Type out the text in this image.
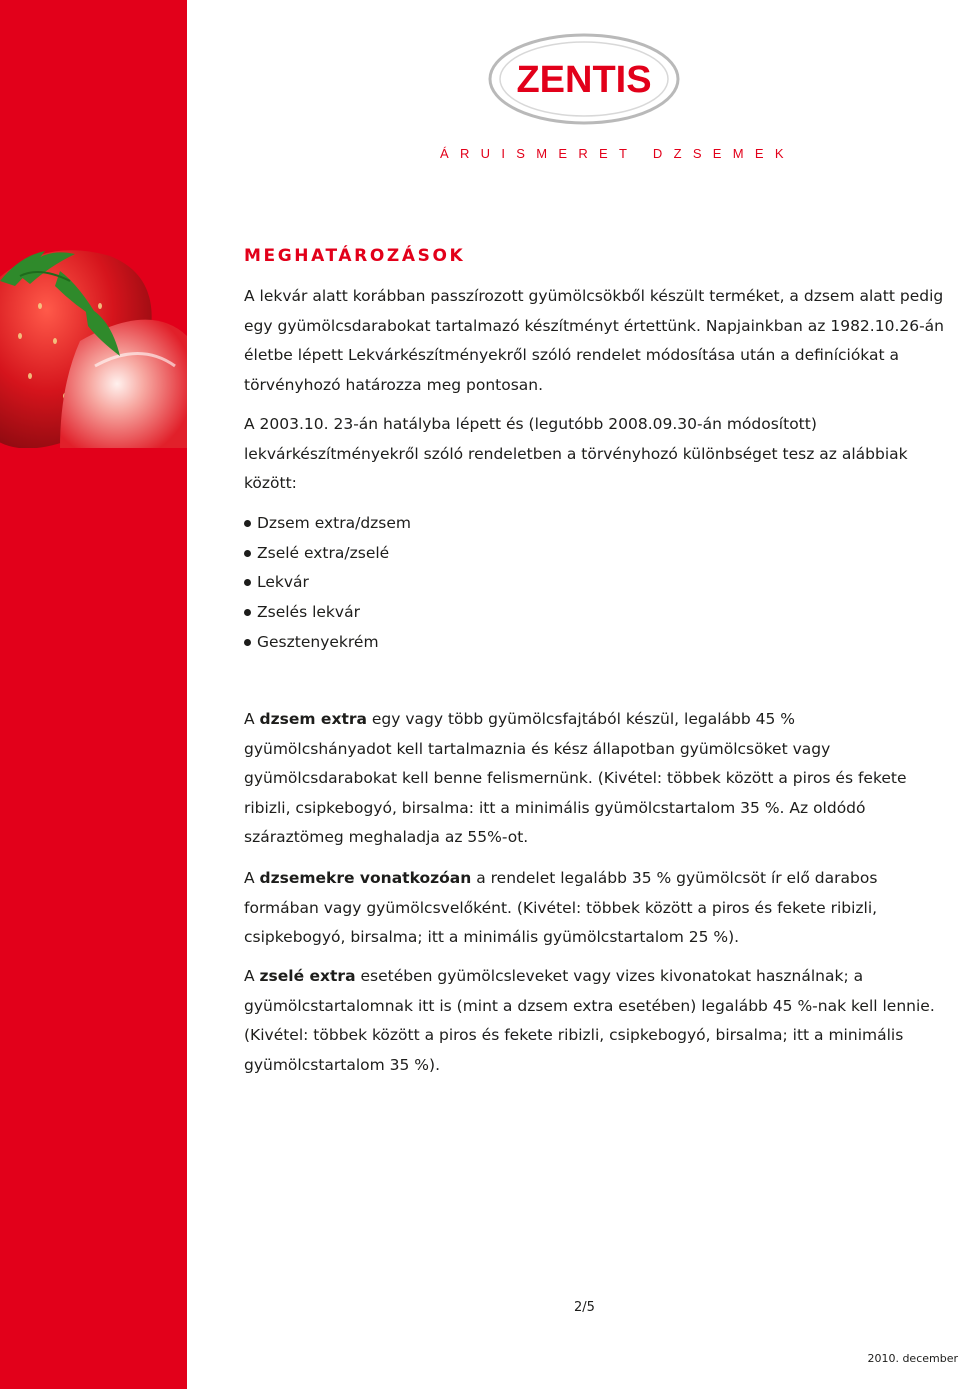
ZENTIS
ÁRUISMERET DZSEMEK
MEGHATÁROZÁSOK

A lekvár alatt korábban passzírozott gyümölcsökből készült terméket, a dzsem alatt pedig egy gyümölcsdarabokat tartalmazó készítményt értettünk. Napjainkban az 1982.10.26-án életbe lépett Lekvárkészítményekről szóló rendelet módosítása után a definíciókat a törvényhozó határozza meg pontosan.

A 2003.10. 23-án hatályba lépett és (legutóbb 2008.09.30-án módosított) lekvárkészítményekről szóló rendeletben a törvényhozó különbséget tesz az alábbiak között:

Dzsem extra/dzsem
Zselé extra/zselé
Lekvár
Zselés lekvár
Gesztenyekrém

A dzsem extra egy vagy több gyümölcsfajtából készül, legalább 45 % gyümölcshányadot kell tartalmaznia és kész állapotban gyümölcsöket vagy gyümölcsdarabokat kell benne felismernünk. (Kivétel: többek között a piros és fekete ribizli, csipkebogyó, birsalma: itt a minimális gyümölcstartalom 35 %. Az oldódó száraztömeg meghaladja az 55%-ot.

A dzsemekre vonatkozóan a rendelet legalább 35 % gyümölcsöt ír elő darabos formában vagy gyümölcsvelőként. (Kivétel: többek között a piros és fekete ribizli, csipkebogyó, birsalma; itt a minimális gyümölcstartalom 25 %).

A zselé extra esetében gyümölcsleveket vagy vizes kivonatokat használnak; a gyümölcstartalomnak itt is (mint a dzsem extra esetében) legalább 45 %-nak kell lennie. (Kivétel: többek között a piros és fekete ribizli, csipkebogyó, birsalma; itt a minimális gyümölcstartalom 35 %).

2/5
2010. december
